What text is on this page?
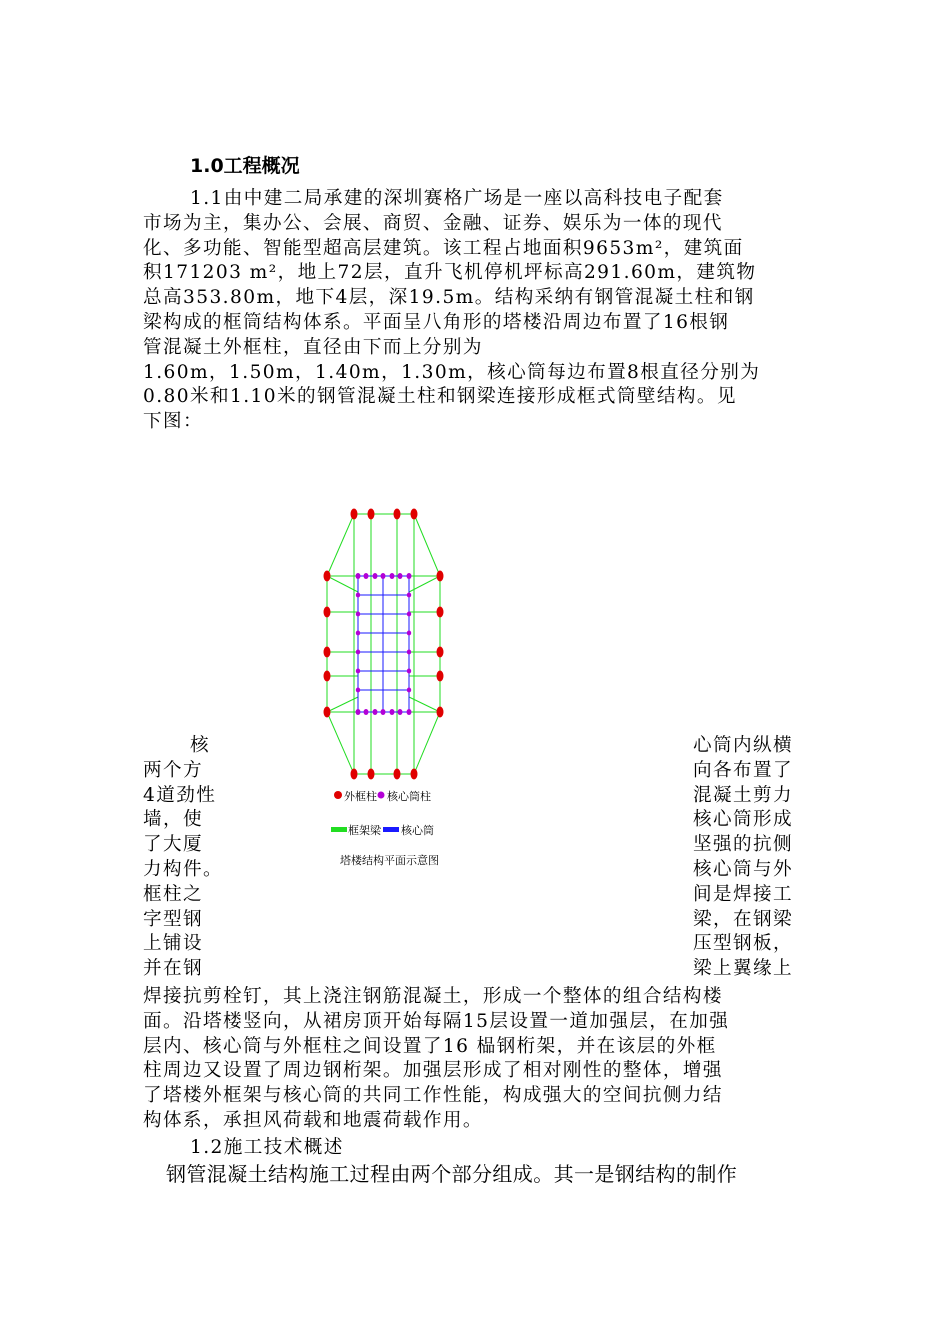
1.0工程概况
1.1由中建二局承建的深圳赛格广场是一座以高科技电子配套
市场为主，集办公、会展、商贸、金融、证券、娱乐为一体的现代
化、多功能、智能型超高层建筑。该工程占地面积9653m²，建筑面
积171203 m²，地上72层，直升飞机停机坪标高291.60m，建筑物
总高353.80m，地下4层，深19.5m。结构采纳有钢管混凝土柱和钢
梁构成的框筒结构体系。平面呈八角形的塔楼沿周边布置了16根钢
管混凝土外框柱，直径由下而上分别为
1.60m，1.50m，1.40m，1.30m，核心筒每边布置8根直径分别为
0.80米和1.10米的钢管混凝土柱和钢梁连接形成框式筒壁结构。见
下图：
核
两个方
4道劲性
墙，使
了大厦
力构件。
框柱之
字型钢
上铺设
并在钢
心筒内纵横
向各布置了
混凝土剪力
核心筒形成
坚强的抗侧
核心筒与外
间是焊接工
梁，在钢梁
压型钢板，
梁上翼缘上
焊接抗剪栓钉，其上浇注钢筋混凝土，形成一个整体的组合结构楼
面。沿塔楼竖向，从裙房顶开始每隔15层设置一道加强层，在加强
层内、核心筒与外框柱之间设置了16 榀钢桁架，并在该层的外框
柱周边又设置了周边钢桁架。加强层形成了相对刚性的整体，增强
了塔楼外框架与核心筒的共同工作性能，构成强大的空间抗侧力结
构体系，承担风荷载和地震荷载作用。
1.2施工技术概述
钢管混凝土结构施工过程由两个部分组成。其一是钢结构的制作
外框柱 核心筒柱
框架梁 核心筒
塔楼结构平面示意图
